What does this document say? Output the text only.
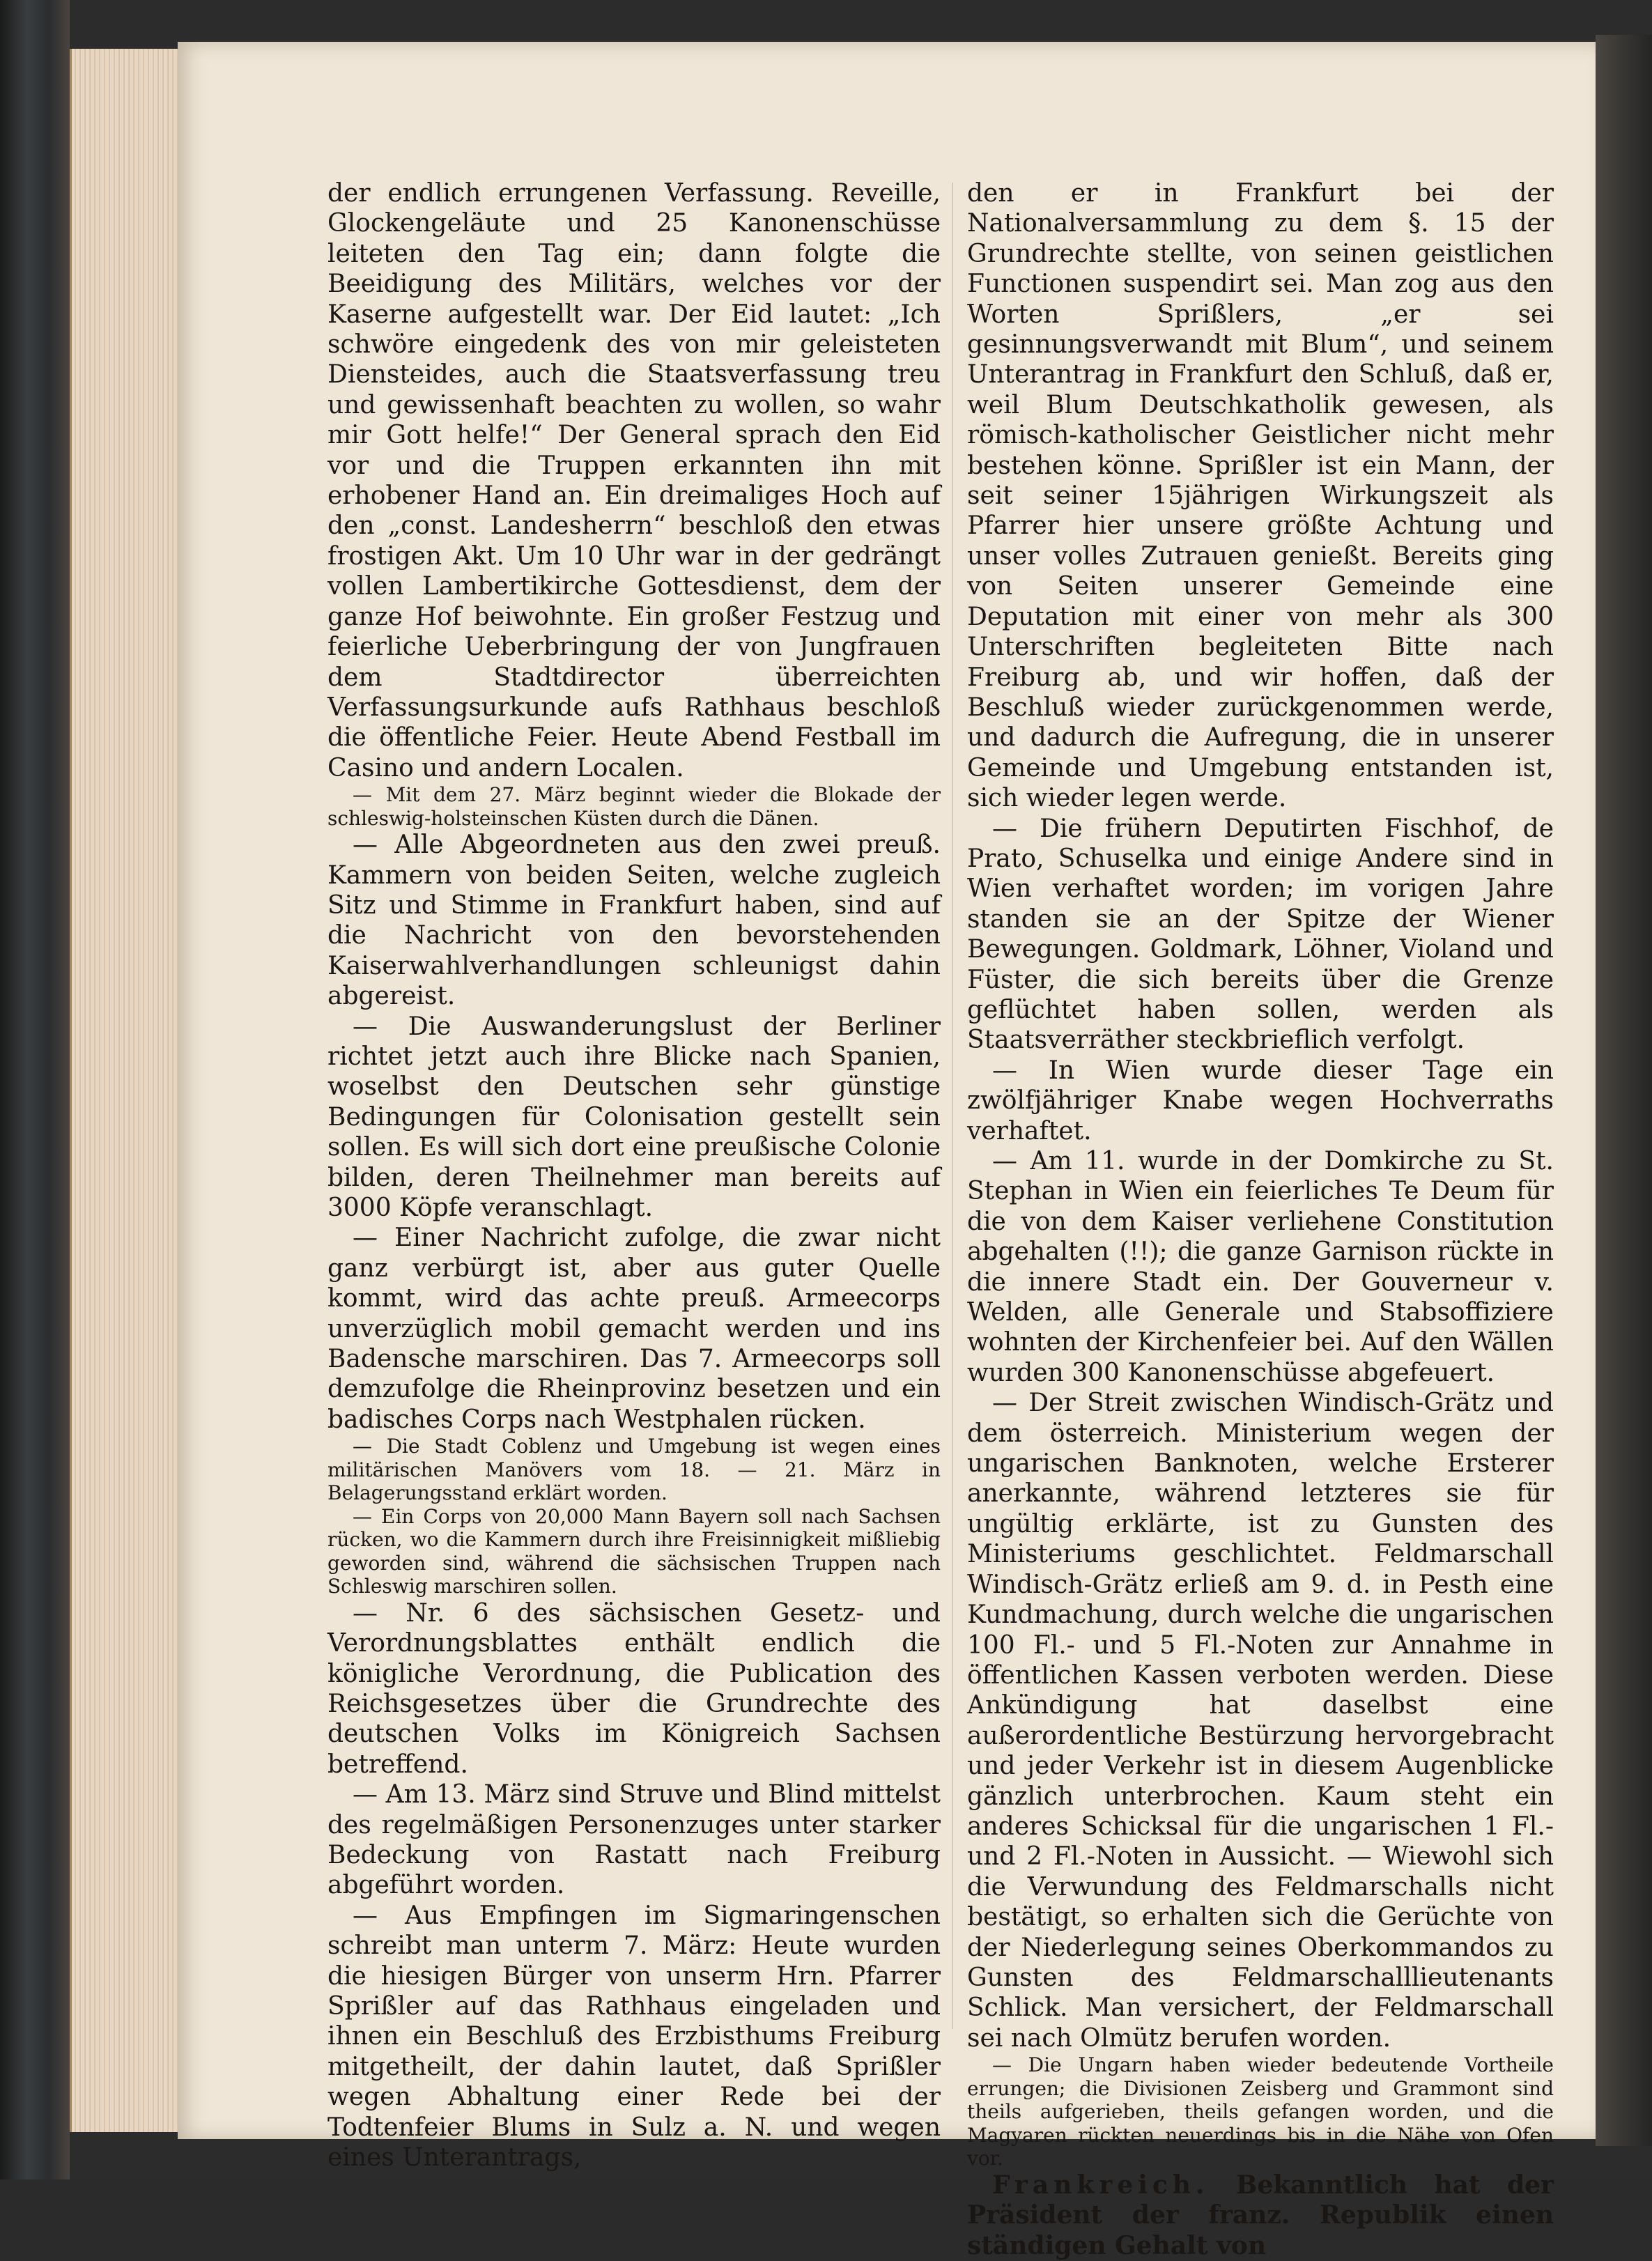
der endlich errungenen Verfassung. Reveille, Glockengeläute und 25 Kanonenschüsse leiteten den Tag ein; dann folgte die Beeidigung des Militärs, welches vor der Kaserne aufgestellt war. Der Eid lautet: „Ich schwöre eingedenk des von mir geleisteten Diensteides, auch die Staatsverfassung treu und gewissenhaft beachten zu wollen, so wahr mir Gott helfe!“ Der General sprach den Eid vor und die Truppen erkannten ihn mit erhobener Hand an. Ein dreimaliges Hoch auf den „const. Landesherrn“ beschloß den etwas frostigen Akt. Um 10 Uhr war in der gedrängt vollen Lambertikirche Gottesdienst, dem der ganze Hof beiwohnte. Ein großer Festzug und feierliche Ueberbringung der von Jungfrauen dem Stadtdirector überreichten Verfassungsurkunde aufs Rathhaus beschloß die öffentliche Feier. Heute Abend Festball im Casino und andern Localen.

— Mit dem 27. März beginnt wieder die Blokade der schleswig-holsteinschen Küsten durch die Dänen.

— Alle Abgeordneten aus den zwei preuß. Kammern von beiden Seiten, welche zugleich Sitz und Stimme in Frankfurt haben, sind auf die Nachricht von den bevorstehenden Kaiserwahlverhandlungen schleunigst dahin abgereist.

— Die Auswanderungslust der Berliner richtet jetzt auch ihre Blicke nach Spanien, woselbst den Deutschen sehr günstige Bedingungen für Colonisation gestellt sein sollen. Es will sich dort eine preußische Colonie bilden, deren Theilnehmer man bereits auf 3000 Köpfe veranschlagt.

— Einer Nachricht zufolge, die zwar nicht ganz verbürgt ist, aber aus guter Quelle kommt, wird das achte preuß. Armeecorps unverzüglich mobil gemacht werden und ins Badensche marschiren. Das 7. Armeecorps soll demzufolge die Rheinprovinz besetzen und ein badisches Corps nach Westphalen rücken.

— Die Stadt Coblenz und Umgebung ist wegen eines militärischen Manövers vom 18. — 21. März in Belagerungsstand erklärt worden.

— Ein Corps von 20,000 Mann Bayern soll nach Sachsen rücken, wo die Kammern durch ihre Freisinnigkeit mißliebig geworden sind, während die sächsischen Truppen nach Schleswig marschiren sollen.

— Nr. 6 des sächsischen Gesetz- und Verordnungsblattes enthält endlich die königliche Verordnung, die Publication des Reichsgesetzes über die Grundrechte des deutschen Volks im Königreich Sachsen betreffend.

— Am 13. März sind Struve und Blind mittelst des regelmäßigen Personenzuges unter starker Bedeckung von Rastatt nach Freiburg abgeführt worden.

— Aus Empfingen im Sigmaringenschen schreibt man unterm 7. März: Heute wurden die hiesigen Bürger von unserm Hrn. Pfarrer Sprißler auf das Rathhaus eingeladen und ihnen ein Beschluß des Erzbisthums Freiburg mitgetheilt, der dahin lautet, daß Sprißler wegen Abhaltung einer Rede bei der Todtenfeier Blums in Sulz a. N. und wegen eines Unterantrags,

den er in Frankfurt bei der Nationalversammlung zu dem §. 15 der Grundrechte stellte, von seinen geistlichen Functionen suspendirt sei. Man zog aus den Worten Sprißlers, „er sei gesinnungsverwandt mit Blum“, und seinem Unterantrag in Frankfurt den Schluß, daß er, weil Blum Deutschkatholik gewesen, als römisch-katholischer Geistlicher nicht mehr bestehen könne. Sprißler ist ein Mann, der seit seiner 15jährigen Wirkungszeit als Pfarrer hier unsere größte Achtung und unser volles Zutrauen genießt. Bereits ging von Seiten unserer Gemeinde eine Deputation mit einer von mehr als 300 Unterschriften begleiteten Bitte nach Freiburg ab, und wir hoffen, daß der Beschluß wieder zurückgenommen werde, und dadurch die Aufregung, die in unserer Gemeinde und Umgebung entstanden ist, sich wieder legen werde.

— Die frühern Deputirten Fischhof, de Prato, Schuselka und einige Andere sind in Wien verhaftet worden; im vorigen Jahre standen sie an der Spitze der Wiener Bewegungen. Goldmark, Löhner, Violand und Füster, die sich bereits über die Grenze geflüchtet haben sollen, werden als Staatsverräther steckbrieflich verfolgt.

— In Wien wurde dieser Tage ein zwölfjähriger Knabe wegen Hochverraths verhaftet.

— Am 11. wurde in der Domkirche zu St. Stephan in Wien ein feierliches Te Deum für die von dem Kaiser verliehene Constitution abgehalten (!!); die ganze Garnison rückte in die innere Stadt ein. Der Gouverneur v. Welden, alle Generale und Stabsoffiziere wohnten der Kirchenfeier bei. Auf den Wällen wurden 300 Kanonenschüsse abgefeuert.

— Der Streit zwischen Windisch-Grätz und dem österreich. Ministerium wegen der ungarischen Banknoten, welche Ersterer anerkannte, während letzteres sie für ungültig erklärte, ist zu Gunsten des Ministeriums geschlichtet. Feldmarschall Windisch-Grätz erließ am 9. d. in Pesth eine Kundmachung, durch welche die ungarischen 100 Fl.- und 5 Fl.-Noten zur Annahme in öffentlichen Kassen verboten werden. Diese Ankündigung hat daselbst eine außerordentliche Bestürzung hervorgebracht und jeder Verkehr ist in diesem Augenblicke gänzlich unterbrochen. Kaum steht ein anderes Schicksal für die ungarischen 1 Fl.- und 2 Fl.-Noten in Aussicht. — Wiewohl sich die Verwundung des Feldmarschalls nicht bestätigt, so erhalten sich die Gerüchte von der Niederlegung seines Oberkommandos zu Gunsten des Feldmarschalllieutenants Schlick. Man versichert, der Feldmarschall sei nach Olmütz berufen worden.

— Die Ungarn haben wieder bedeutende Vortheile errungen; die Divisionen Zeisberg und Grammont sind theils aufgerieben, theils gefangen worden, und die Magyaren rückten neuerdings bis in die Nähe von Ofen vor.

Frankreich. Bekanntlich hat der Präsident der franz. Republik einen ständigen Gehalt von
